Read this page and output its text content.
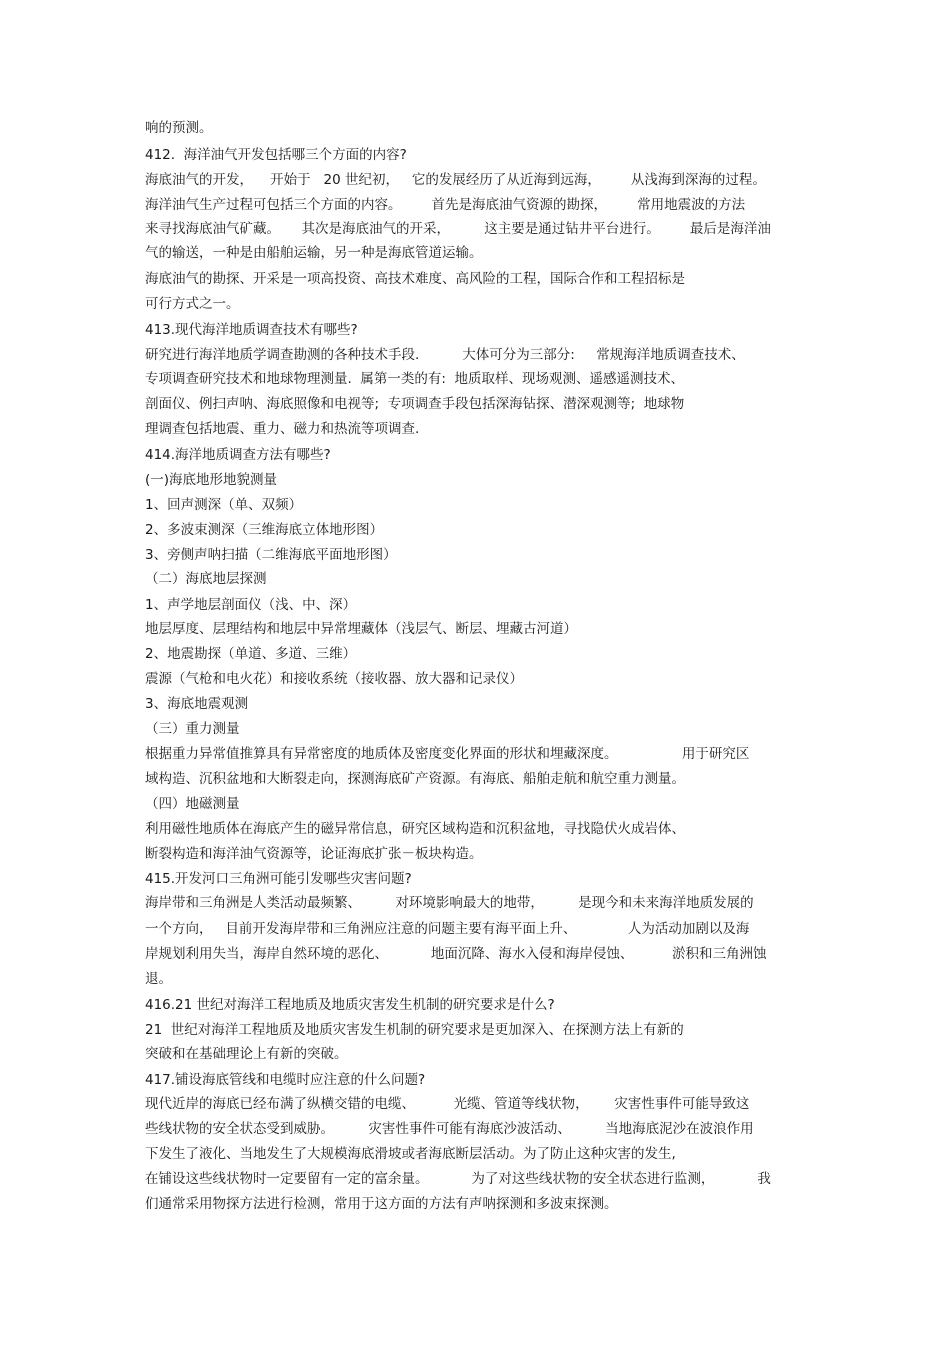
响的预测。
412.  海洋油气开发包括哪三个方面的内容?
海底油气的开发，    开始于   20 世纪初，   它的发展经历了从近海到远海，       从浅海到深海的过程。
海洋油气生产过程可包括三个方面的内容。       首先是海底油气资源的勘探，       常用地震波的方法
来寻找海底油气矿藏。     其次是海底油气的开采，        这主要是通过钻井平台进行。       最后是海洋油
气的输送，一种是由船舶运输，另一种是海底管道运输。
海底油气的勘探、开采是一项高投资、高技术难度、高风险的工程，国际合作和工程招标是
可行方式之一。
413.现代海洋地质调查技术有哪些?
研究进行海洋地质学调查勘测的各种技术手段.          大体可分为三部分:     常规海洋地质调查技术、
专项调查研究技术和地球物理测量.  属第一类的有:  地质取样、现场观测、遥感遥测技术、
剖面仪、例扫声呐、海底照像和电视等;  专项调查手段包括深海钻探、潜深观测等;  地球物
理调查包括地震、重力、磁力和热流等项调查.
414.海洋地质调查方法有哪些?
(一)海底地形地貌测量
1、回声测深（单、双频）
2、多波束测深（三维海底立体地形图）
3、旁侧声呐扫描（二维海底平面地形图）
（二）海底地层探测
1、声学地层剖面仪（浅、中、深）
地层厚度、层理结构和地层中异常埋藏体（浅层气、断层、埋藏古河道）
2、地震勘探（单道、多道、三维）
震源（气枪和电火花）和接收系统（接收器、放大器和记录仪）
3、海底地震观测
（三）重力测量
根据重力异常值推算具有异常密度的地质体及密度变化界面的形状和埋藏深度。               用于研究区
域构造、沉积盆地和大断裂走向，探测海底矿产资源。有海底、船舶走航和航空重力测量。
（四）地磁测量
利用磁性地质体在海底产生的磁异常信息，研究区域构造和沉积盆地，寻找隐伏火成岩体、
断裂构造和海洋油气资源等，论证海底扩张－板块构造。
415.开发河口三角洲可能引发哪些灾害问题?
海岸带和三角洲是人类活动最频繁、        对环境影响最大的地带，        是现今和未来海洋地质发展的
一个方向，   目前开发海岸带和三角洲应注意的问题主要有海平面上升、            人为活动加剧以及海
岸规划利用失当，海岸自然环境的恶化、          地面沉降、海水入侵和海岸侵蚀、         淤积和三角洲蚀
退。
416.21 世纪对海洋工程地质及地质灾害发生机制的研究要求是什么?
21  世纪对海洋工程地质及地质灾害发生机制的研究要求是更加深入、在探测方法上有新的
突破和在基础理论上有新的突破。
417.铺设海底管线和电缆时应注意的什么问题?
现代近岸的海底已经布满了纵横交错的电缆、         光缆、管道等线状物，      灾害性事件可能导致这
些线状物的安全状态受到威胁。        灾害性事件可能有海底沙波活动、        当地海底泥沙在波浪作用
下发生了液化、当地发生了大规模海底滑坡或者海底断层活动。为了防止这种灾害的发生,
在铺设这些线状物时一定要留有一定的富余量。          为了对这些线状物的安全状态进行监测，          我
们通常采用物探方法进行检测，常用于这方面的方法有声呐探测和多波束探测。
